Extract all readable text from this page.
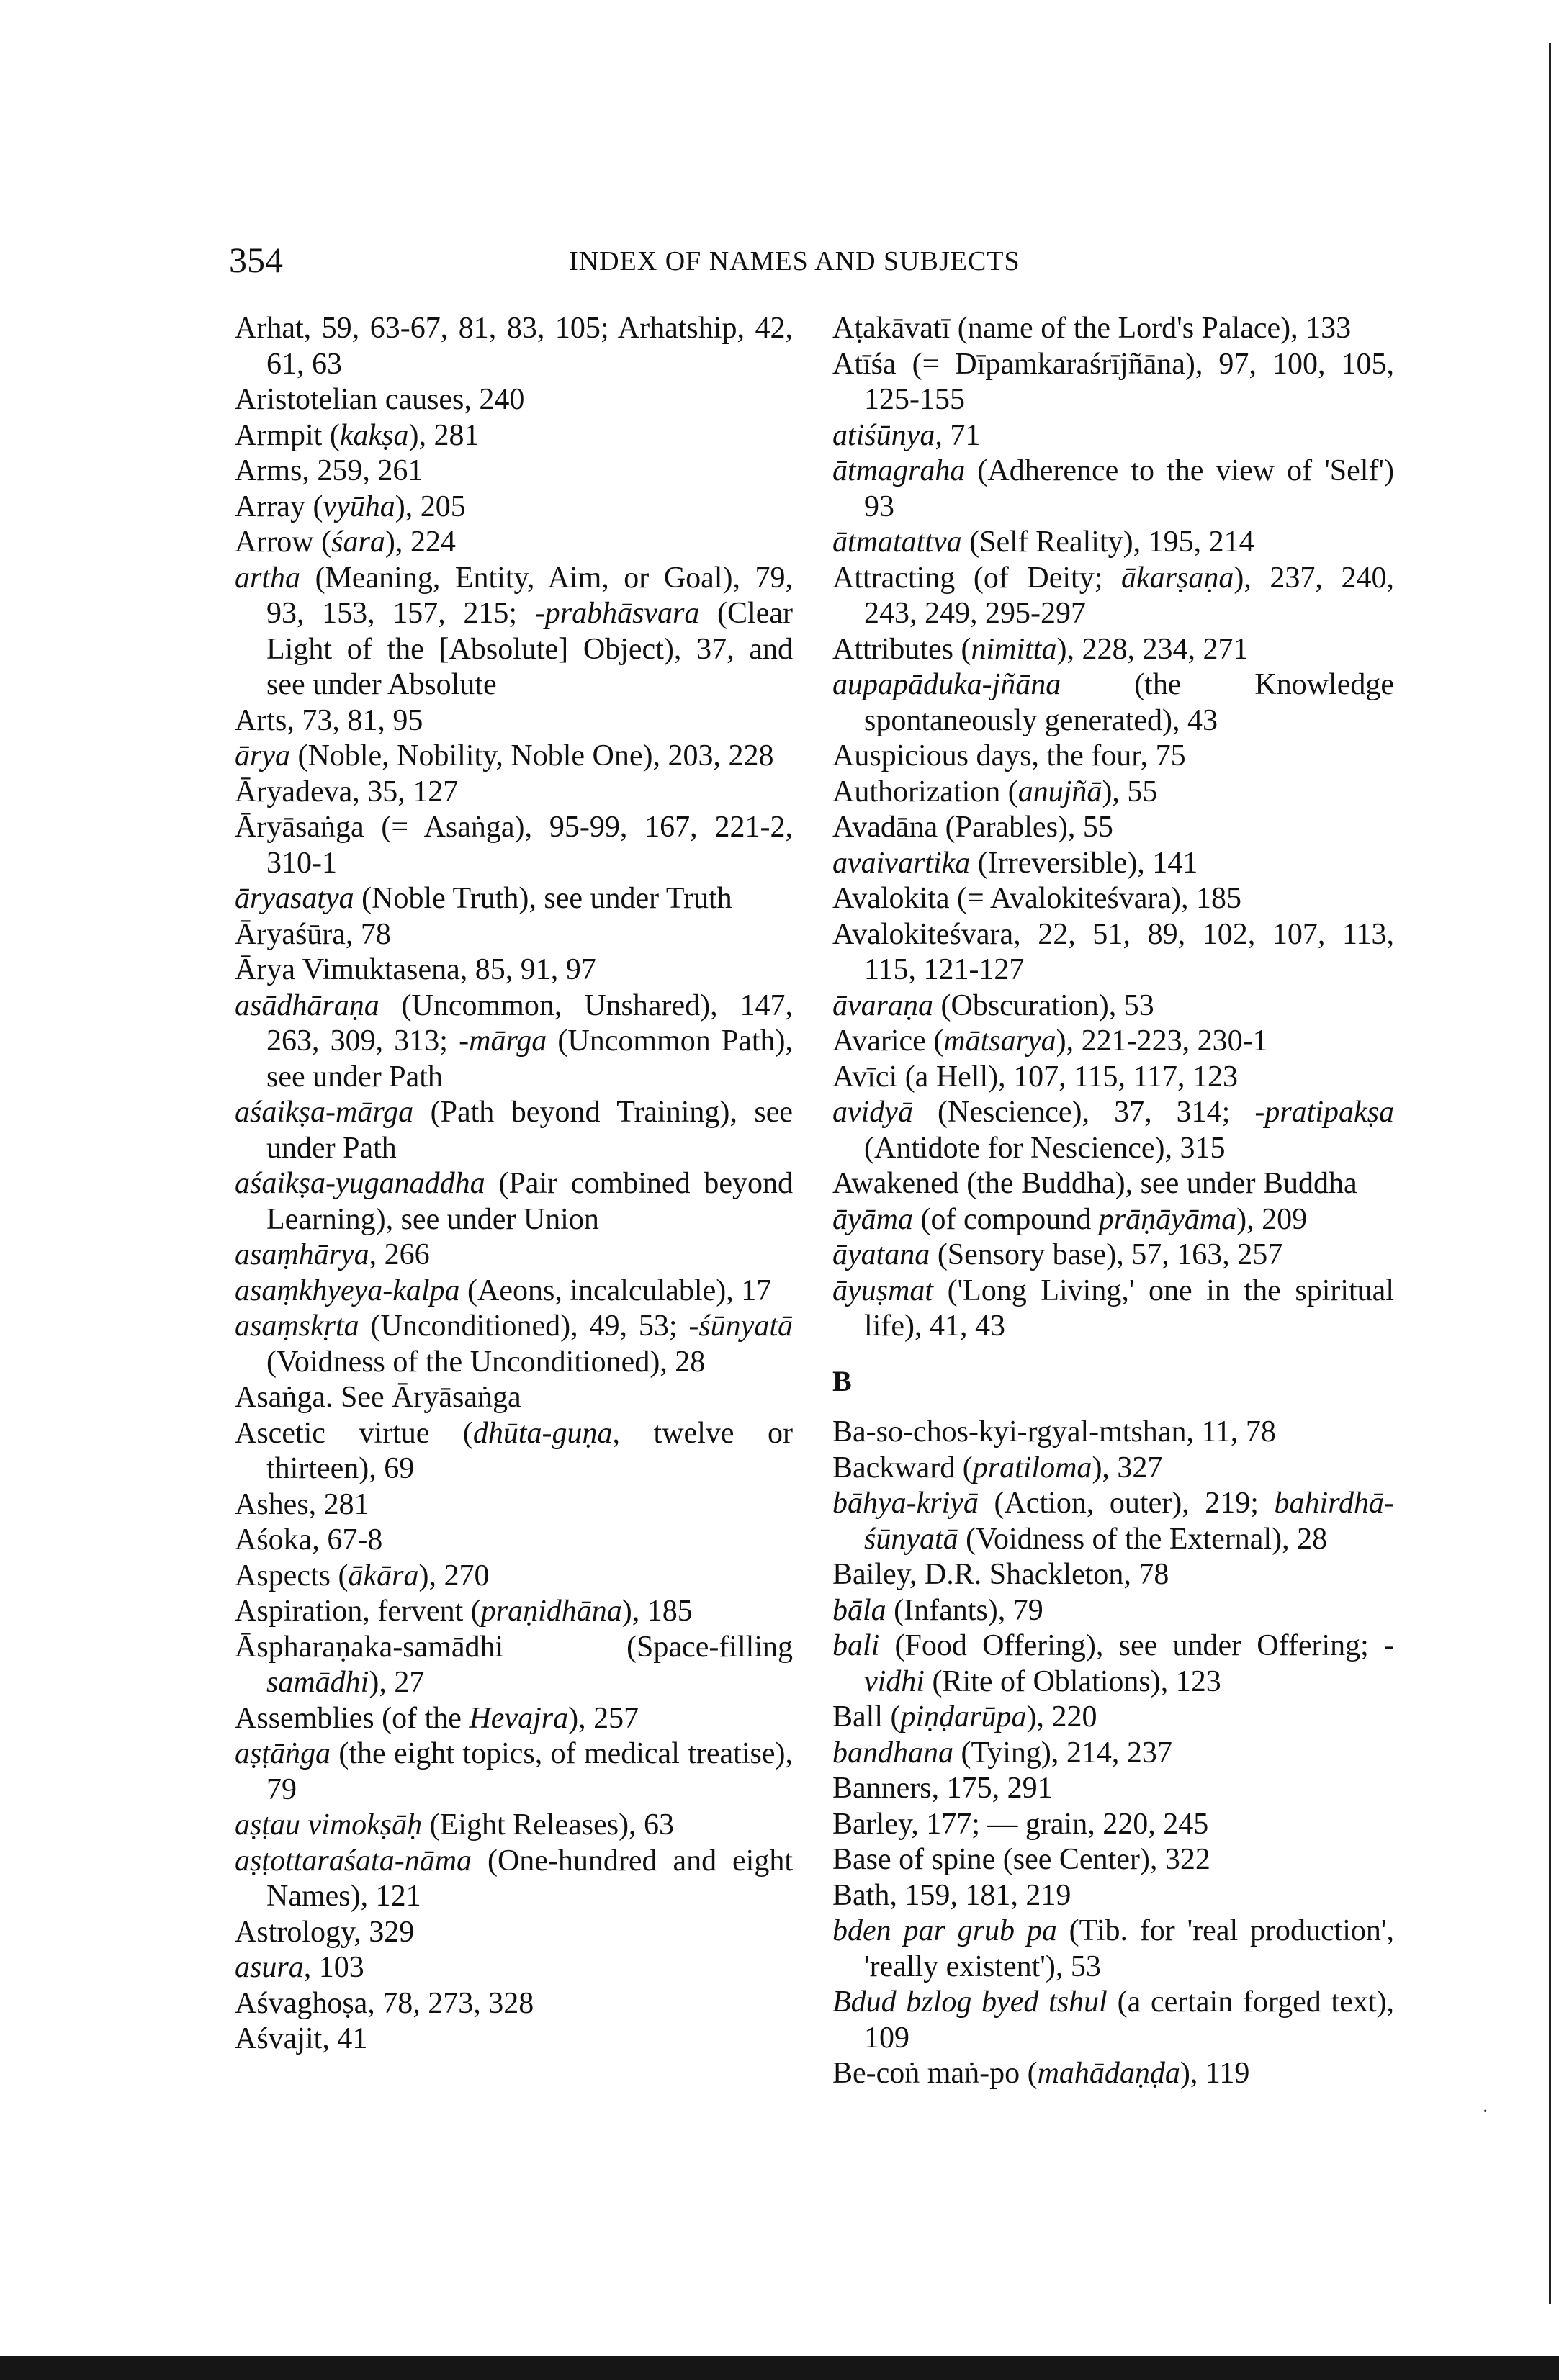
354	INDEX OF NAMES AND SUBJECTS
Arhat, 59, 63-67, 81, 83, 105; Arhatship, 42, 61, 63
Aristotelian causes, 240
Armpit (kakṣa), 281
Arms, 259, 261
Array (vyūha), 205
Arrow (śara), 224
artha (Meaning, Entity, Aim, or Goal), 79, 93, 153, 157, 215; -prabhāsvara (Clear Light of the [Absolute] Object), 37, and see under Absolute
Arts, 73, 81, 95
ārya (Noble, Nobility, Noble One), 203, 228
Āryadeva, 35, 127
Āryāsaṅga (= Asaṅga), 95-99, 167, 221-2, 310-1
āryasatya (Noble Truth), see under Truth
Āryaśūra, 78
Ārya Vimuktasena, 85, 91, 97
asādhāraṇa (Uncommon, Unshared), 147, 263, 309, 313; -mārga (Uncommon Path), see under Path
aśaikṣa-mārga (Path beyond Training), see under Path
aśaikṣa-yuganaddha (Pair combined beyond Learning), see under Union
asaṃhārya, 266
asaṃkhyeya-kalpa (Aeons, incalculable), 17
asaṃskṛta (Unconditioned), 49, 53; -śūnyatā (Voidness of the Unconditioned), 28
Asaṅga. See Āryāsaṅga
Ascetic virtue (dhūta-guṇa, twelve or thirteen), 69
Ashes, 281
Aśoka, 67-8
Aspects (ākāra), 270
Aspiration, fervent (praṇidhāna), 185
Āspharaṇaka-samādhi (Space-filling samādhi), 27
Assemblies (of the Hevajra), 257
aṣṭāṅga (the eight topics, of medical treatise), 79
aṣṭau vimokṣāḥ (Eight Releases), 63
aṣṭottaraśata-nāma (One-hundred and eight Names), 121
Astrology, 329
asura, 103
Aśvaghoṣa, 78, 273, 328
Aśvajit, 41
Aṭakāvatī (name of the Lord's Palace), 133
Atīśa (= Dīpamkaraśrījñāna), 97, 100, 105, 125-155
atiśūnya, 71
ātmagraha (Adherence to the view of 'Self') 93
ātmatattva (Self Reality), 195, 214
Attracting (of Deity; ākarṣaṇa), 237, 240, 243, 249, 295-297
Attributes (nimitta), 228, 234, 271
aupapāduka-jñāna (the Knowledge spontaneously generated), 43
Auspicious days, the four, 75
Authorization (anujñā), 55
Avadāna (Parables), 55
avaivartika (Irreversible), 141
Avalokita (= Avalokiteśvara), 185
Avalokiteśvara, 22, 51, 89, 102, 107, 113, 115, 121-127
āvaraṇa (Obscuration), 53
Avarice (mātsarya), 221-223, 230-1
Avīci (a Hell), 107, 115, 117, 123
avidyā (Nescience), 37, 314; -pratipakṣa (Antidote for Nescience), 315
Awakened (the Buddha), see under Buddha
āyāma (of compound prāṇāyāma), 209
āyatana (Sensory base), 57, 163, 257
āyuṣmat ('Long Living,' one in the spiritual life), 41, 43
B
Ba-so-chos-kyi-rgyal-mtshan, 11, 78
Backward (pratiloma), 327
bāhya-kriyā (Action, outer), 219; bahirdhā-śūnyatā (Voidness of the External), 28
Bailey, D.R. Shackleton, 78
bāla (Infants), 79
bali (Food Offering), see under Offering; -vidhi (Rite of Oblations), 123
Ball (piṇḍarūpa), 220
bandhana (Tying), 214, 237
Banners, 175, 291
Barley, 177; — grain, 220, 245
Base of spine (see Center), 322
Bath, 159, 181, 219
bden par grub pa (Tib. for 'real production', 'really existent'), 53
Bdud bzlog byed tshul (a certain forged text), 109
Be-coṅ maṅ-po (mahādaṇḍa), 119
·
